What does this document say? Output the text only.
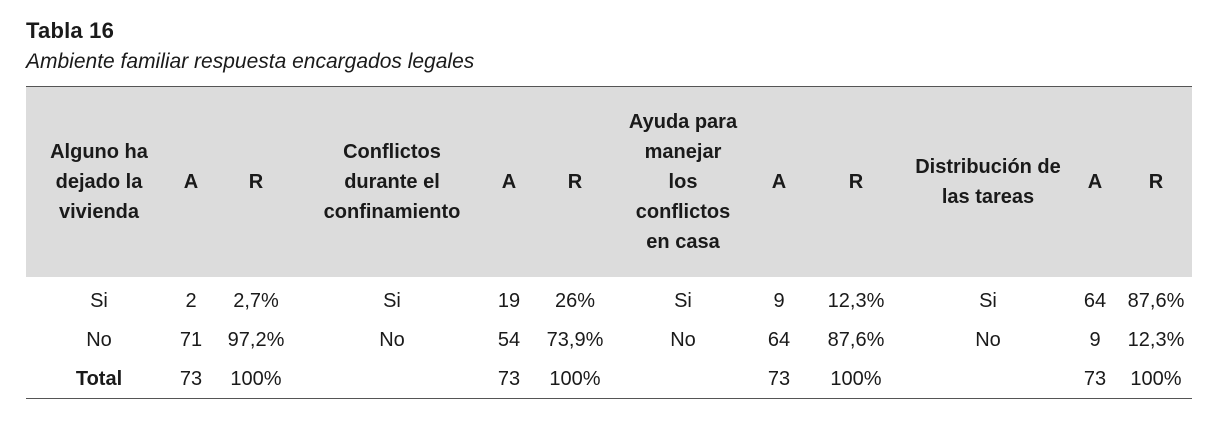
Tabla 16
Ambiente familiar respuesta encargados legales
Alguno ha dejado la vivienda	A	R	Conflictos durante el confinamiento	A	R	Ayuda para manejar los conflictos en casa	A	R	Distribución de las tareas	A	R
Si	2	2,7%	Si	19	26%	Si	9	12,3%	Si	64	87,6%
No	71	97,2%	No	54	73,9%	No	64	87,6%	No	9	12,3%
Total	73	100%		73	100%		73	100%		73	100%
